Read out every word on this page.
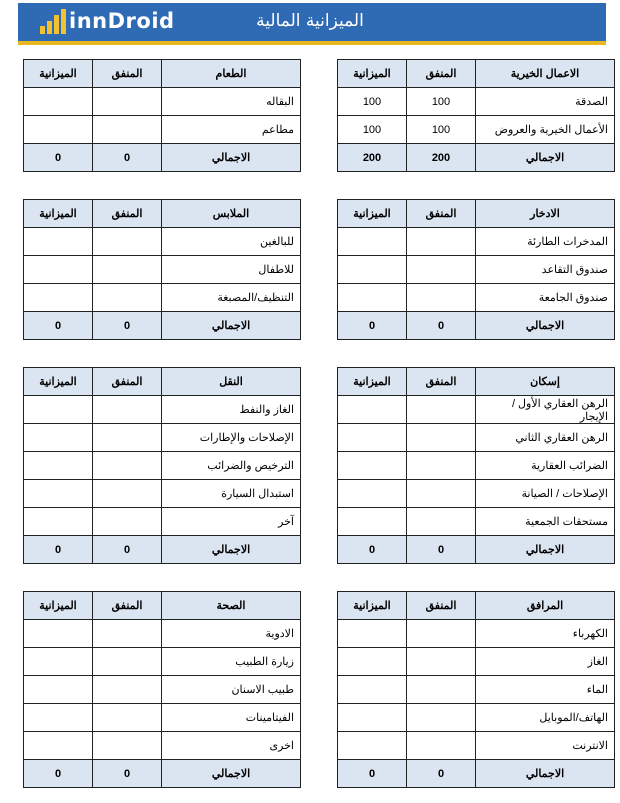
innDroid	الميزانية المالية
الاعمال الخيرية	المنفق	الميزانية
الصدقة	100	100
الأعمال الخيرية والعروض	100	100
الاجمالي	200	200
الطعام	المنفق	الميزانية
البقاله		
مطاعم		
الاجمالي	0	0
الادخار	المنفق	الميزانية
المدخرات الطارئة		
صندوق التقاعد		
صندوق الجامعة		
الاجمالي	0	0
الملابس	المنفق	الميزانية
للبالغين		
للاطفال		
التنظيف/المصبغة		
الاجمالي	0	0
إسكان	المنفق	الميزانية
الرهن العقاري الأول / الإيجار		
الرهن العقاري الثاني		
الضرائب العقارية		
الإصلاحات / الصيانة		
مستحقات الجمعية		
الاجمالي	0	0
النقل	المنفق	الميزانية
الغاز والنفط		
الإصلاحات والإطارات		
الترخيص والضرائب		
استبدال السيارة		
آخر		
الاجمالي	0	0
المرافق	المنفق	الميزانية
الكهرباء		
الغاز		
الماء		
الهاتف/الموبايل		
الانترنت		
الاجمالي	0	0
الصحة	المنفق	الميزانية
الادوية		
زيارة الطبيب		
طبيب الاسنان		
الفيتامينات		
اخرى		
الاجمالي	0	0
